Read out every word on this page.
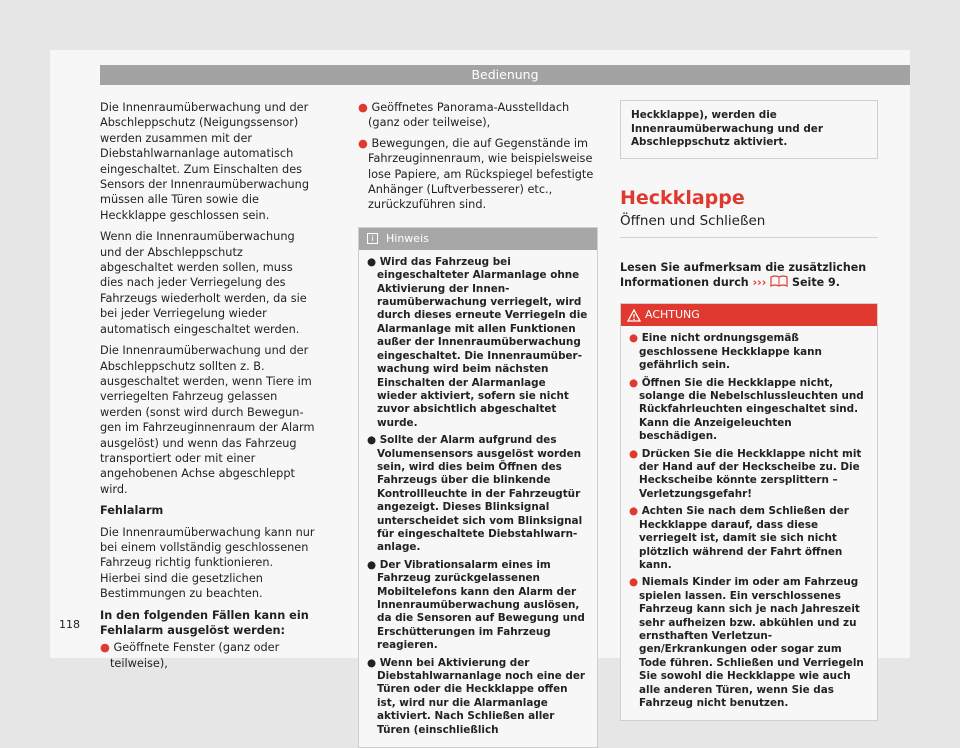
Bedienung

Die Innenraumüberwachung und der Abschleppschutz (Neigungssensor) werden zusammen mit der Diebstahlwarnanlage automatisch eingeschaltet. Zum Einschalten des Sensors der Innenraumüberwachung müssen alle Türen sowie die Heckklappe geschlossen sein.

Wenn die Innenraumüberwachung und der Abschleppschutz abgeschaltet werden sollen, muss dies nach jeder Verriegelung des Fahrzeugs wiederholt werden, da sie bei jeder Verriegelung wieder automatisch eingeschaltet werden.

Die Innenraumüberwachung und der Abschleppschutz sollten z. B. ausgeschaltet werden, wenn Tiere im verriegelten Fahrzeug gelassen werden (sonst wird durch Bewegungen im Fahrzeuginnenraum der Alarm ausgelöst) und wenn das Fahrzeug transportiert oder mit einer angehobenen Achse abgeschleppt wird.

Fehlalarm

Die Innenraumüberwachung kann nur bei einem vollständig geschlossenen Fahrzeug richtig funktionieren. Hierbei sind die gesetzlichen Bestimmungen zu beachten.

In den folgenden Fällen kann ein Fehlalarm ausgelöst werden:

● Geöffnete Fenster (ganz oder teilweise),

● Geöffnetes Panorama-Ausstelldach (ganz oder teilweise),

● Bewegungen, die auf Gegenstände im Fahrzeuginnenraum, wie beispielsweise lose Papiere, am Rückspiegel befestigte Anhänger (Luftverbesserer) etc., zurückzuführen sind.

i Hinweis

● Wird das Fahrzeug bei eingeschalteter Alarmanlage ohne Aktivierung der Innenraumüberwachung verriegelt, wird durch dieses erneute Verriegeln die Alarmanlage mit allen Funktionen außer der Innenraumüberwachung eingeschaltet. Die Innenraumüberwachung wird beim nächsten Einschalten der Alarmanlage wieder aktiviert, sofern sie nicht zuvor absichtlich abgeschaltet wurde.

● Sollte der Alarm aufgrund des Volumensensors ausgelöst worden sein, wird dies beim Öffnen des Fahrzeugs über die blinkende Kontrollleuchte in der Fahrzeugtür angezeigt. Dieses Blinksignal unterscheidet sich vom Blinksignal für eingeschaltete Diebstahlwarnanlage.

● Der Vibrationsalarm eines im Fahrzeug zurückgelassenen Mobiltelefons kann den Alarm der Innenraumüberwachung auslösen, da die Sensoren auf Bewegung und Erschütterungen im Fahrzeug reagieren.

● Wenn bei Aktivierung der Diebstahlwarnanlage noch eine der Türen oder die Heckklappe offen ist, wird nur die Alarmanlage aktiviert. Nach Schließen aller Türen (einschließlich

Heckklappe), werden die Innenraumüberwachung und der Abschleppschutz aktiviert.
Heckklappe
Öffnen und Schließen

Lesen Sie aufmerksam die zusätzlichen Informationen durch ››› Seite 9.

ACHTUNG

● Eine nicht ordnungsgemäß geschlossene Heckklappe kann gefährlich sein.

● Öffnen Sie die Heckklappe nicht, solange die Nebelschlussleuchten und Rückfahrleuchten eingeschaltet sind. Kann die Anzeigeleuchten beschädigen.

● Drücken Sie die Heckklappe nicht mit der Hand auf der Heckscheibe zu. Die Heckscheibe könnte zersplittern – Verletzungsgefahr!

● Achten Sie nach dem Schließen der Heckklappe darauf, dass diese verriegelt ist, damit sie sich nicht plötzlich während der Fahrt öffnen kann.

● Niemals Kinder im oder am Fahrzeug spielen lassen. Ein verschlossenes Fahrzeug kann sich je nach Jahreszeit sehr aufheizen bzw. abkühlen und zu ernsthaften Verletzungen/Erkrankungen oder sogar zum Tode führen. Schließen und Verriegeln Sie sowohl die Heckklappe wie auch alle anderen Türen, wenn Sie das Fahrzeug nicht benutzen.

118
